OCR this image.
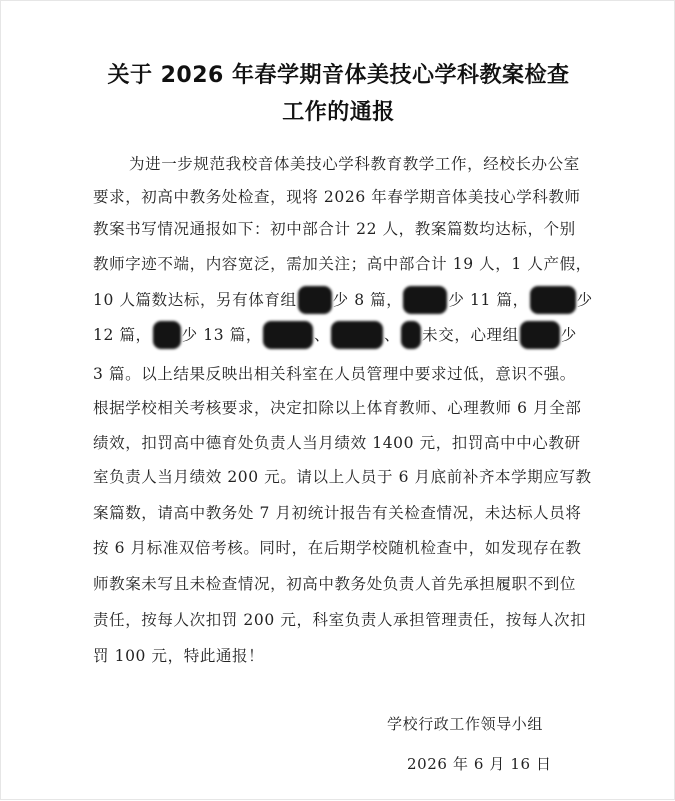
关于 2026 年春学期音体美技心学科教案检查
工作的通报
为进一步规范我校音体美技心学科教育教学工作，经校长办公室
要求，初高中教务处检查，现将 2026 年春学期音体美技心学科教师
教案书写情况通报如下：初中部合计 22 人，教案篇数均达标，个别
教师字迹不端，内容宽泛，需加关注；高中部合计 19 人，1 人产假，
10 人篇数达标，另有体育组 少 8 篇，	少 11 篇，	少
12 篇， 少 13 篇，	、	、 未交，心理组	少
3 篇。以上结果反映出相关科室在人员管理中要求过低，意识不强。
根据学校相关考核要求，决定扣除以上体育教师、心理教师 6 月全部
绩效，扣罚高中德育处负责人当月绩效 1400 元，扣罚高中中心教研
室负责人当月绩效 200 元。请以上人员于 6 月底前补齐本学期应写教
案篇数，请高中教务处 7 月初统计报告有关检查情况，未达标人员将
按 6 月标准双倍考核。同时，在后期学校随机检查中，如发现存在教
师教案未写且未检查情况，初高中教务处负责人首先承担履职不到位
责任，按每人次扣罚 200 元，科室负责人承担管理责任，按每人次扣
罚 100 元，特此通报！
学校行政工作领导小组
2026 年 6 月 16 日
